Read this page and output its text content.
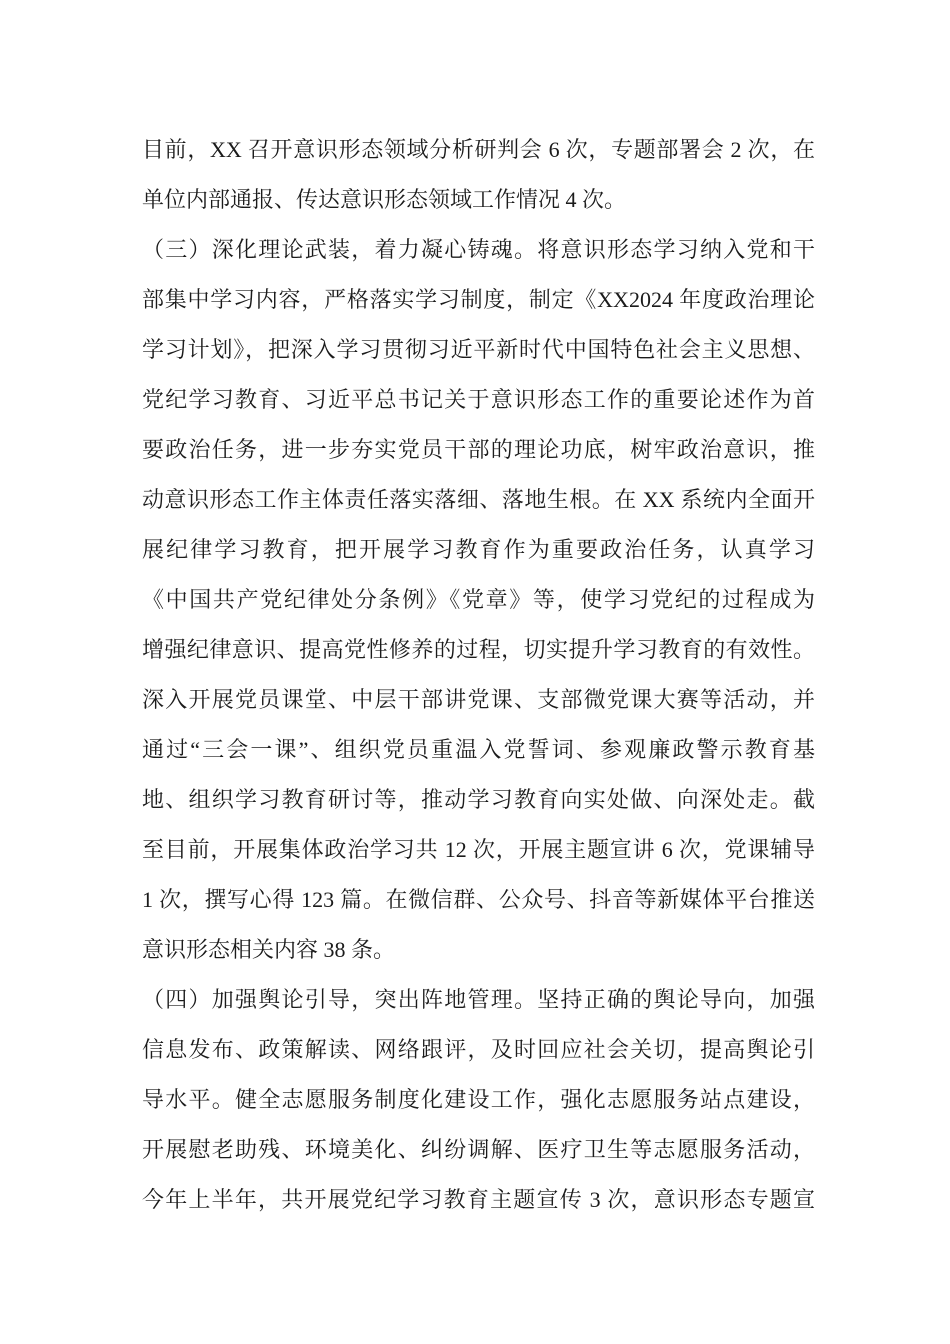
目前，XX 召开意识形态领域分析研判会 6 次，专题部署会 2 次，在
单位内部通报、传达意识形态领域工作情况 4 次。
（三）深化理论武装，着力凝心铸魂。将意识形态学习纳入党和干
部集中学习内容，严格落实学习制度，制定《XX2024 年度政治理论
学习计划》，把深入学习贯彻习近平新时代中国特色社会主义思想、
党纪学习教育、习近平总书记关于意识形态工作的重要论述作为首
要政治任务，进一步夯实党员干部的理论功底，树牢政治意识，推
动意识形态工作主体责任落实落细、落地生根。在 XX 系统内全面开
展纪律学习教育，把开展学习教育作为重要政治任务，认真学习
《中国共产党纪律处分条例》《党章》等，使学习党纪的过程成为
增强纪律意识、提高党性修养的过程，切实提升学习教育的有效性。
深入开展党员课堂、中层干部讲党课、支部微党课大赛等活动，并
通过“三会一课”、组织党员重温入党誓词、参观廉政警示教育基
地、组织学习教育研讨等，推动学习教育向实处做、向深处走。截
至目前，开展集体政治学习共 12 次，开展主题宣讲 6 次，党课辅导
1 次，撰写心得 123 篇。在微信群、公众号、抖音等新媒体平台推送
意识形态相关内容 38 条。
（四）加强舆论引导，突出阵地管理。坚持正确的舆论导向，加强
信息发布、政策解读、网络跟评，及时回应社会关切，提高舆论引
导水平。健全志愿服务制度化建设工作，强化志愿服务站点建设，
开展慰老助残、环境美化、纠纷调解、医疗卫生等志愿服务活动，
今年上半年，共开展党纪学习教育主题宣传 3 次，意识形态专题宣
